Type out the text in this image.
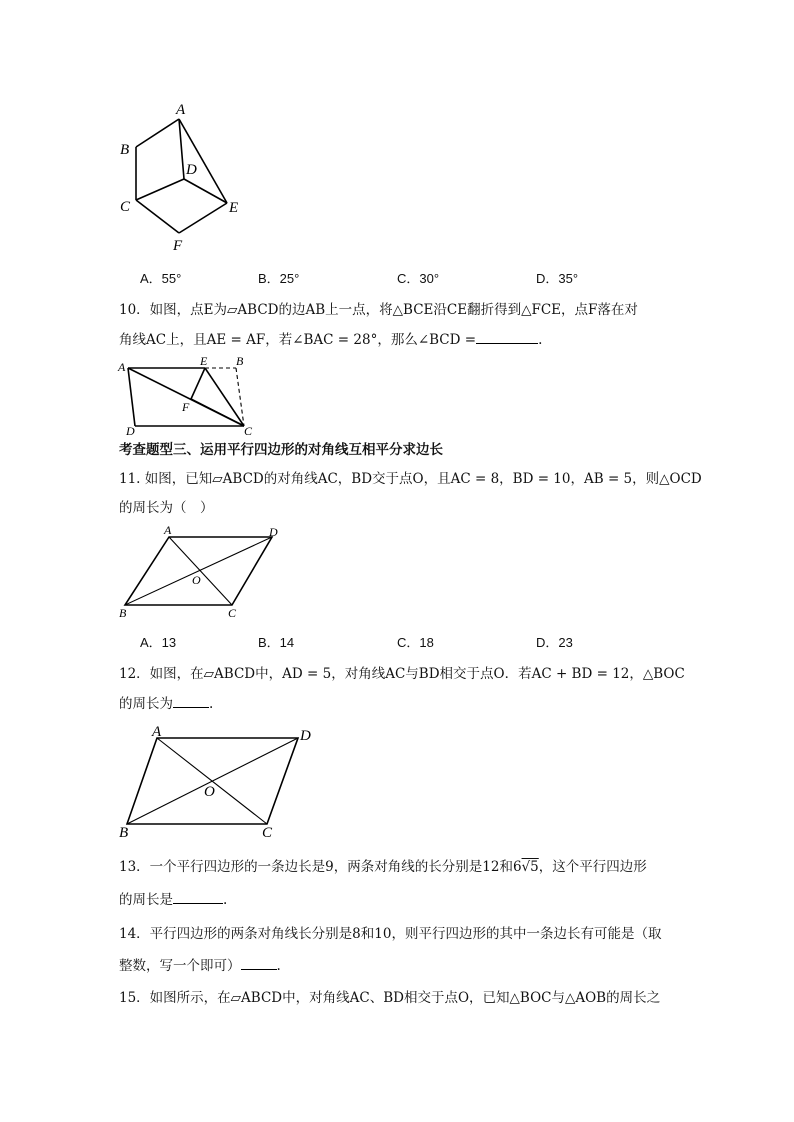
A
B
C
D
E
F
A．55°	B．25°	C．30°	D．35°
10．如图，点E为▱ABCD的边AB上一点，将△BCE沿CE翻折得到△FCE，点F落在对
角线AC上，且AE = AF，若∠BAC = 28°，那么∠BCD =	.
A	E B
F
D	C
考查题型三、运用平行四边形的对角线互相平分求边长
11. 如图，已知▱ABCD的对角线AC，BD交于点O，且AC = 8，BD = 10，AB = 5，则△OCD
的周长为（　）
A	D
O
B	C
A．13	B．14	C．18	D．23
12．如图，在▱ABCD中，AD = 5，对角线AC与BD相交于点O．若AC + BD = 12，△BOC
的周长为	.
A	D
O
B	C
13．一个平行四边形的一条边长是9，两条对角线的长分别是12和6√5，这个平行四边形
的周长是	.
14．平行四边形的两条对角线长分别是8和10，则平行四边形的其中一条边长有可能是（取
整数，写一个即可）	.
15．如图所示，在▱ABCD中，对角线AC、BD相交于点O，已知△BOC与△AOB的周长之
